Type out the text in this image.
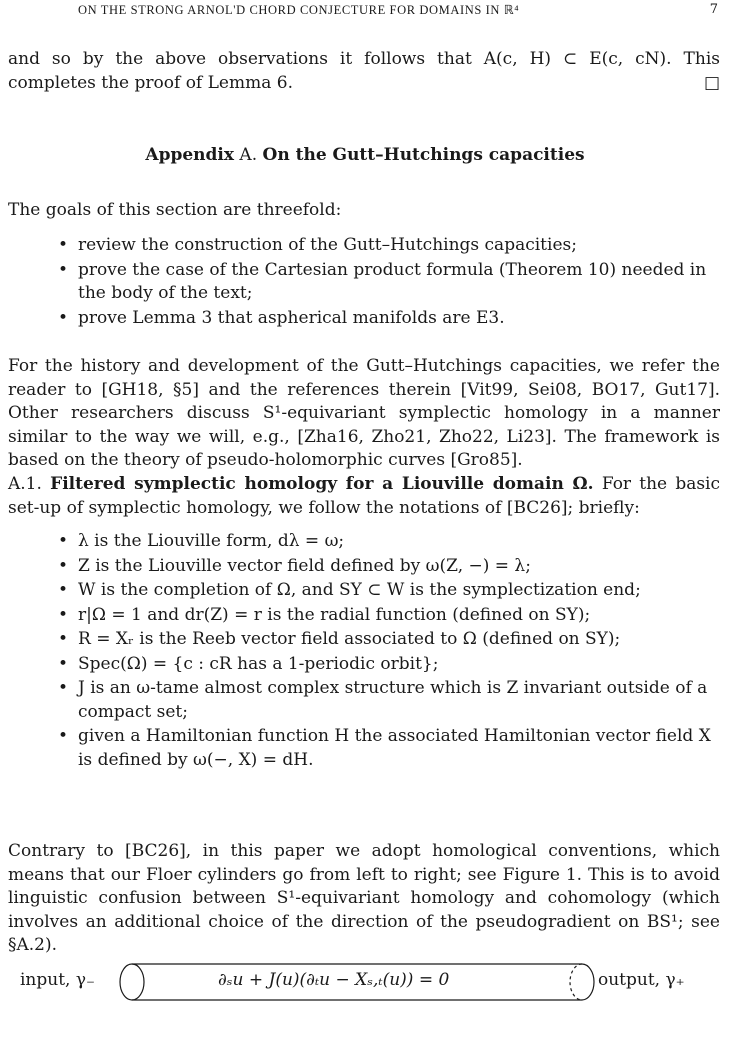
ON THE STRONG ARNOL'D CHORD CONJECTURE FOR DOMAINS IN ℝ⁴	7
and so by the above observations it follows that A(c, H) ⊂ E(c, cN). This completes the proof of Lemma 6.	□
Appendix A. On the Gutt–Hutchings capacities
The goals of this section are threefold:
• review the construction of the Gutt–Hutchings capacities;
• prove the case of the Cartesian product formula (Theorem 10) needed in the body of the text;
• prove Lemma 3 that aspherical manifolds are E3.
For the history and development of the Gutt–Hutchings capacities, we refer the reader to [GH18, §5] and the references therein [Vit99, Sei08, BO17, Gut17]. Other researchers discuss S¹-equivariant symplectic homology in a manner similar to the way we will, e.g., [Zha16, Zho21, Zho22, Li23]. The framework is based on the theory of pseudo-holomorphic curves [Gro85].
A.1. Filtered symplectic homology for a Liouville domain Ω. For the basic set-up of symplectic homology, we follow the notations of [BC26]; briefly:
• λ is the Liouville form, dλ = ω;
• Z is the Liouville vector field defined by ω(Z, −) = λ;
• W is the completion of Ω, and SY ⊂ W is the symplectization end;
• r|Ω = 1 and dr(Z) = r is the radial function (defined on SY);
• R = Xᵣ is the Reeb vector field associated to Ω (defined on SY);
• Spec(Ω) = {c : cR has a 1-periodic orbit};
• J is an ω-tame almost complex structure which is Z invariant outside of a compact set;
• given a Hamiltonian function H the associated Hamiltonian vector field X is defined by ω(−, X) = dH.
Contrary to [BC26], in this paper we adopt homological conventions, which means that our Floer cylinders go from left to right; see Figure 1. This is to avoid linguistic confusion between S¹-equivariant homology and cohomology (which involves an additional choice of the direction of the pseudogradient on BS¹; see §A.2).
input, γ₋	∂ₛu + J(u)(∂ₜu − Xₛ,ₜ(u)) = 0	output, γ₊
